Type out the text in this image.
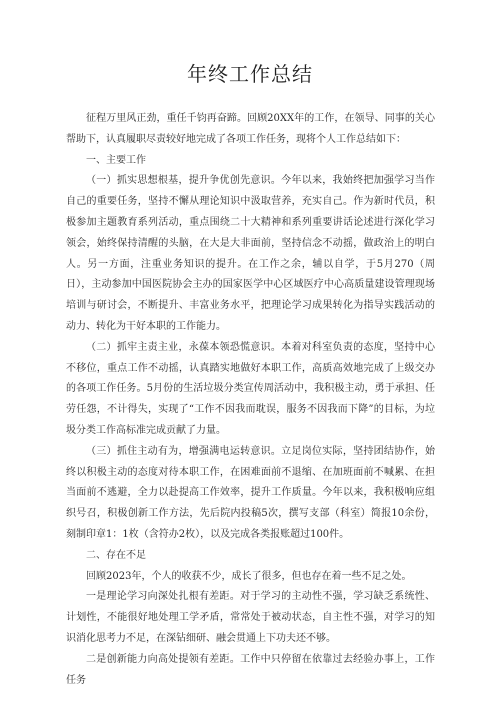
年终工作总结

征程万里风正劲，重任千钧再奋蹄。回顾20XX年的工作，在领导、同事的关心帮助下，认真履职尽责较好地完成了各项工作任务，现将个人工作总结如下：

一、主要工作

（一）抓实思想根基，提升争优创先意识。今年以来，我始终把加强学习当作自己的重要任务，坚持不懈从理论知识中汲取营养，充实自己。作为新时代员，积极参加主题教育系列活动，重点围绕二十大精神和系列重要讲话论述进行深化学习领会，始终保持清醒的头脑，在大是大非面前，坚持信念不动摇，做政治上的明白人。另一方面，注重业务知识的提升。在工作之余，辅以自学，于5月270（周日），主动参加中国医院协会主办的国家医学中心区域医疗中心高质量建设管理现场培训与研讨会，不断提升、丰富业务水平，把理论学习成果转化为指导实践活动的动力、转化为干好本职的工作能力。

（二）抓牢主责主业，永葆本领恐慌意识。本着对科室负责的态度，坚持中心不移位，重点工作不动摇，认真踏实地做好本职工作，高质高效地完成了上级交办的各项工作任务。5月份的生活垃圾分类宣传周活动中，我积极主动，勇于承担、任劳任怨，不计得失，实现了“工作不因我而耽误，服务不因我而下降”的目标，为垃圾分类工作高标准完成贡献了力量。

（三）抓住主动有为，增强满电运转意识。立足岗位实际，坚持团结协作，始终以积极主动的态度对待本职工作，在困难面前不退缩、在加班面前不喊累、在担当面前不逃避，全力以赴提高工作效率，提升工作质量。今年以来，我积极响应组织号召，积极创新工作方法，先后院内投稿5次，撰写支部（科室）简报10余份，刻制印章1：1枚（含符办2枚），以及完成各类报账超过100件。

二、存在不足

回顾2023年，个人的收获不少，成长了很多，但也存在着一些不足之处。

一是理论学习向深处扎根有差距。对于学习的主动性不强，学习缺乏系统性、计划性，不能很好地处理工学矛盾，常常处于被动状态，自主性不强，对学习的知识消化思考力不足，在深钻细研、融会贯通上下功夫还不够。

二是创新能力向高处提领有差距。工作中只停留在依靠过去经验办事上，工作任务
